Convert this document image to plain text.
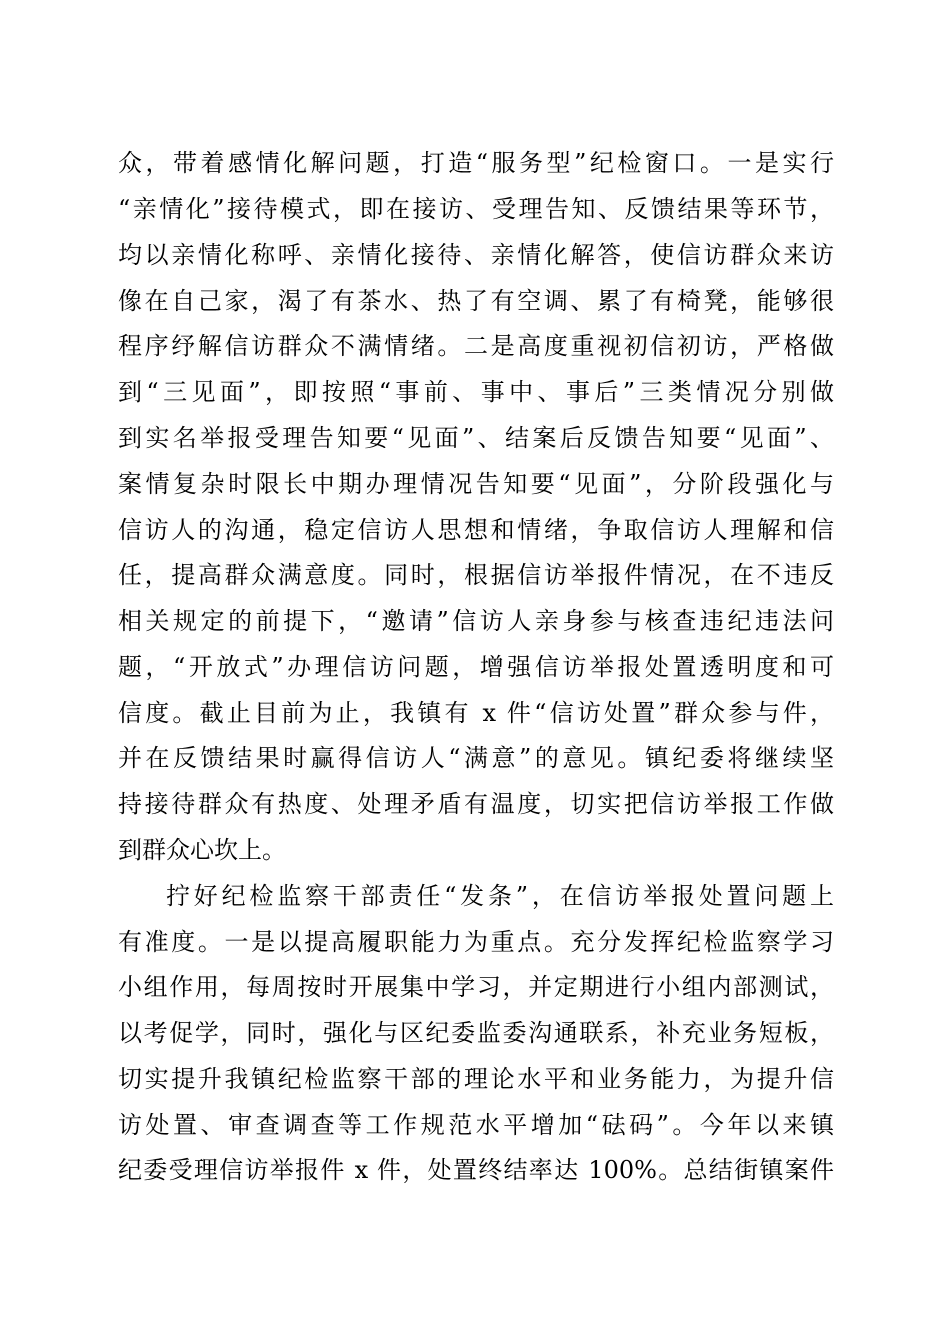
众，带着感情化解问题，打造“服务型”纪检窗口。一是实行
“亲情化”接待模式，即在接访、受理告知、反馈结果等环节，
均以亲情化称呼、亲情化接待、亲情化解答，使信访群众来访
像在自己家，渴了有茶水、热了有空调、累了有椅凳，能够很
程序纾解信访群众不满情绪。二是高度重视初信初访，严格做
到“三见面”，即按照“事前、事中、事后”三类情况分别做
到实名举报受理告知要“见面”、结案后反馈告知要“见面”、
案情复杂时限长中期办理情况告知要“见面”，分阶段强化与
信访人的沟通，稳定信访人思想和情绪，争取信访人理解和信
任，提高群众满意度。同时，根据信访举报件情况，在不违反
相关规定的前提下，“邀请”信访人亲身参与核查违纪违法问
题，“开放式”办理信访问题，增强信访举报处置透明度和可
信度。截止目前为止，我镇有 x 件“信访处置”群众参与件，
并在反馈结果时赢得信访人“满意”的意见。镇纪委将继续坚
持接待群众有热度、处理矛盾有温度，切实把信访举报工作做
到群众心坎上。
拧好纪检监察干部责任“发条”，在信访举报处置问题上
有准度。一是以提高履职能力为重点。充分发挥纪检监察学习
小组作用，每周按时开展集中学习，并定期进行小组内部测试，
以考促学，同时，强化与区纪委监委沟通联系，补充业务短板，
切实提升我镇纪检监察干部的理论水平和业务能力，为提升信
访处置、审查调查等工作规范水平增加“砝码”。今年以来镇
纪委受理信访举报件 x 件，处置终结率达 100%。总结街镇案件
